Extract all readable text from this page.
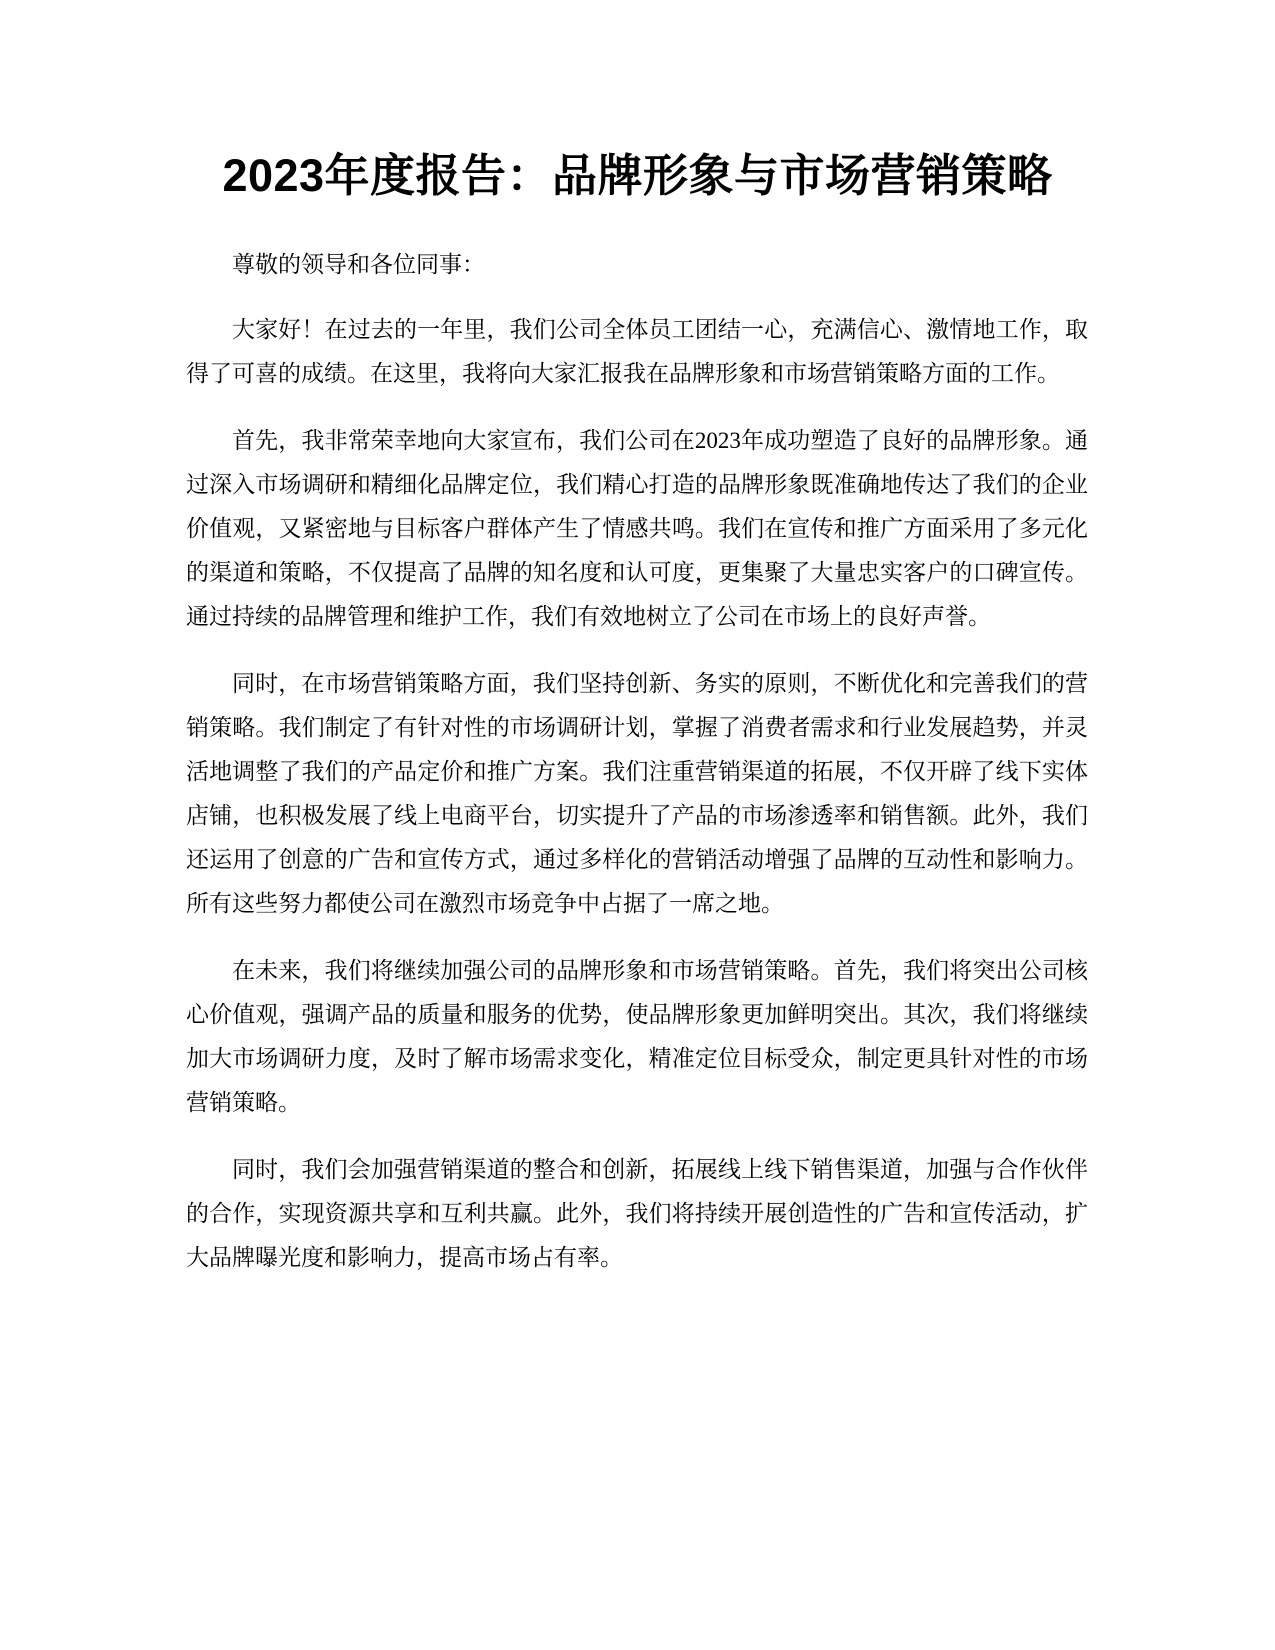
2023年度报告：品牌形象与市场营销策略

尊敬的领导和各位同事：

大家好！在过去的一年里，我们公司全体员工团结一心，充满信心、激情地工作，取得了可喜的成绩。在这里，我将向大家汇报我在品牌形象和市场营销策略方面的工作。

首先，我非常荣幸地向大家宣布，我们公司在2023年成功塑造了良好的品牌形象。通过深入市场调研和精细化品牌定位，我们精心打造的品牌形象既准确地传达了我们的企业价值观，又紧密地与目标客户群体产生了情感共鸣。我们在宣传和推广方面采用了多元化的渠道和策略，不仅提高了品牌的知名度和认可度，更集聚了大量忠实客户的口碑宣传。通过持续的品牌管理和维护工作，我们有效地树立了公司在市场上的良好声誉。

同时，在市场营销策略方面，我们坚持创新、务实的原则，不断优化和完善我们的营销策略。我们制定了有针对性的市场调研计划，掌握了消费者需求和行业发展趋势，并灵活地调整了我们的产品定价和推广方案。我们注重营销渠道的拓展，不仅开辟了线下实体店铺，也积极发展了线上电商平台，切实提升了产品的市场渗透率和销售额。此外，我们还运用了创意的广告和宣传方式，通过多样化的营销活动增强了品牌的互动性和影响力。所有这些努力都使公司在激烈市场竞争中占据了一席之地。

在未来，我们将继续加强公司的品牌形象和市场营销策略。首先，我们将突出公司核心价值观，强调产品的质量和服务的优势，使品牌形象更加鲜明突出。其次，我们将继续加大市场调研力度，及时了解市场需求变化，精准定位目标受众，制定更具针对性的市场营销策略。

同时，我们会加强营销渠道的整合和创新，拓展线上线下销售渠道，加强与合作伙伴的合作，实现资源共享和互利共赢。此外，我们将持续开展创造性的广告和宣传活动，扩大品牌曝光度和影响力，提高市场占有率。
